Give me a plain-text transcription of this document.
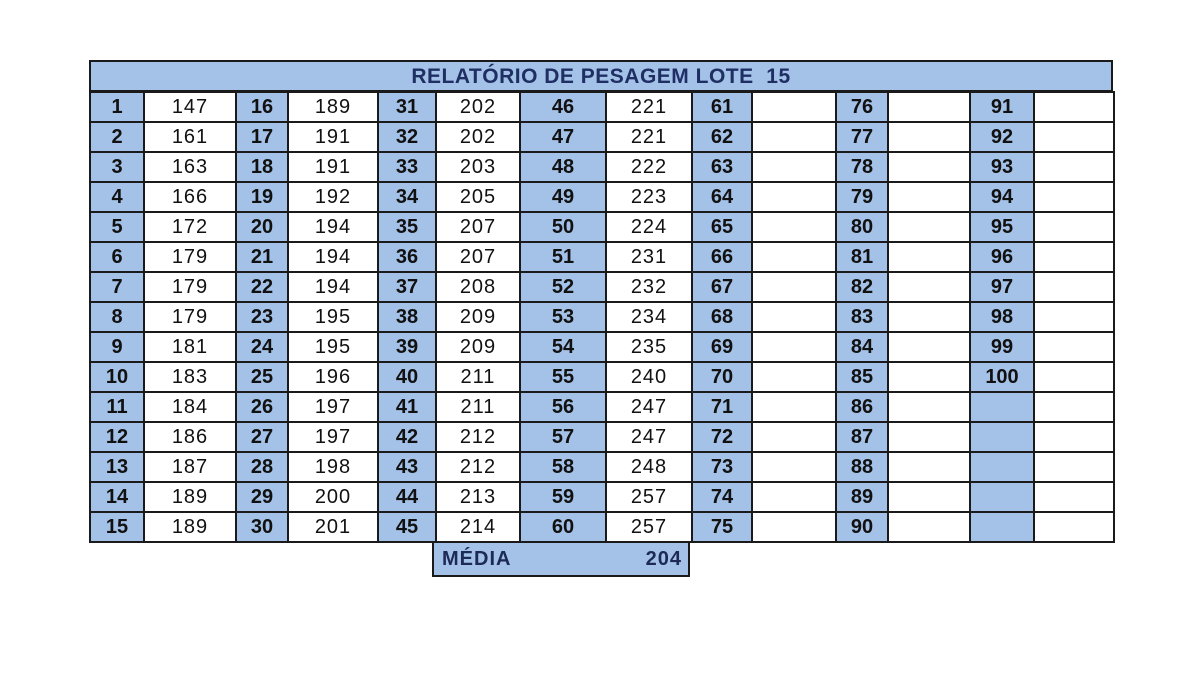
RELATÓRIO DE PESAGEM LOTE  15
1	147	16	189	31	202	46	221	61		76		91	
2	161	17	191	32	202	47	221	62		77		92	
3	163	18	191	33	203	48	222	63		78		93	
4	166	19	192	34	205	49	223	64		79		94	
5	172	20	194	35	207	50	224	65		80		95	
6	179	21	194	36	207	51	231	66		81		96	
7	179	22	194	37	208	52	232	67		82		97	
8	179	23	195	38	209	53	234	68		83		98	
9	181	24	195	39	209	54	235	69		84		99	
10	183	25	196	40	211	55	240	70		85		100	
11	184	26	197	41	211	56	247	71		86			
12	186	27	197	42	212	57	247	72		87			
13	187	28	198	43	212	58	248	73		88			
14	189	29	200	44	213	59	257	74		89			
15	189	30	201	45	214	60	257	75		90			
MÉDIA	204
